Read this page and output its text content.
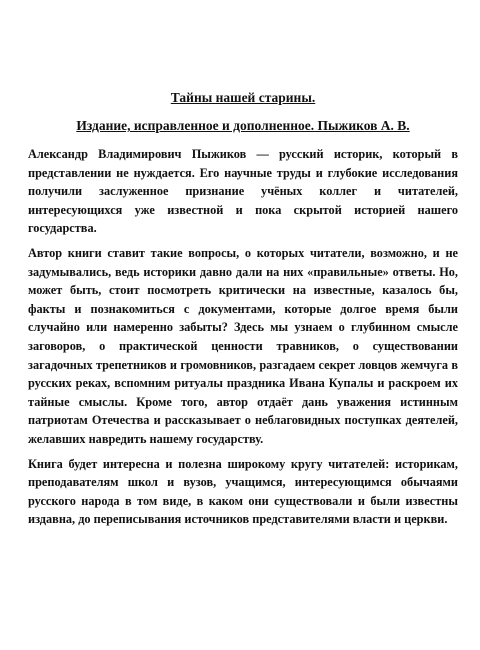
Тайны нашей старины.
Издание, исправленное и дополненное. Пыжиков А. В.

Александр Владимирович Пыжиков — русский историк, который в представлении не нуждается. Его научные труды и глубокие исследования получили заслуженное признание учёных коллег и читателей, интересующихся уже известной и пока скрытой историей нашего государства.

Автор книги ставит такие вопросы, о которых читатели, возможно, и не задумывались, ведь историки давно дали на них «правильные» ответы. Но, может быть, стоит посмотреть критически на известные, казалось бы, факты и познакомиться с документами, которые долгое время были случайно или намеренно забыты? Здесь мы узнаем о глубинном смысле заговоров, о практической ценности травников, о существовании загадочных трепетников и громовников, разгадаем секрет ловцов жемчуга в русских реках, вспомним ритуалы праздника Ивана Купалы и раскроем их тайные смыслы. Кроме того, автор отдаёт дань уважения истинным патриотам Отечества и рассказывает о неблаговидных поступках деятелей, желавших навредить нашему государству.

Книга будет интересна и полезна широкому кругу читателей: историкам, преподавателям школ и вузов, учащимся, интересующимся обычаями русского народа в том виде, в каком они существовали и были известны издавна, до переписывания источников представителями власти и церкви.
